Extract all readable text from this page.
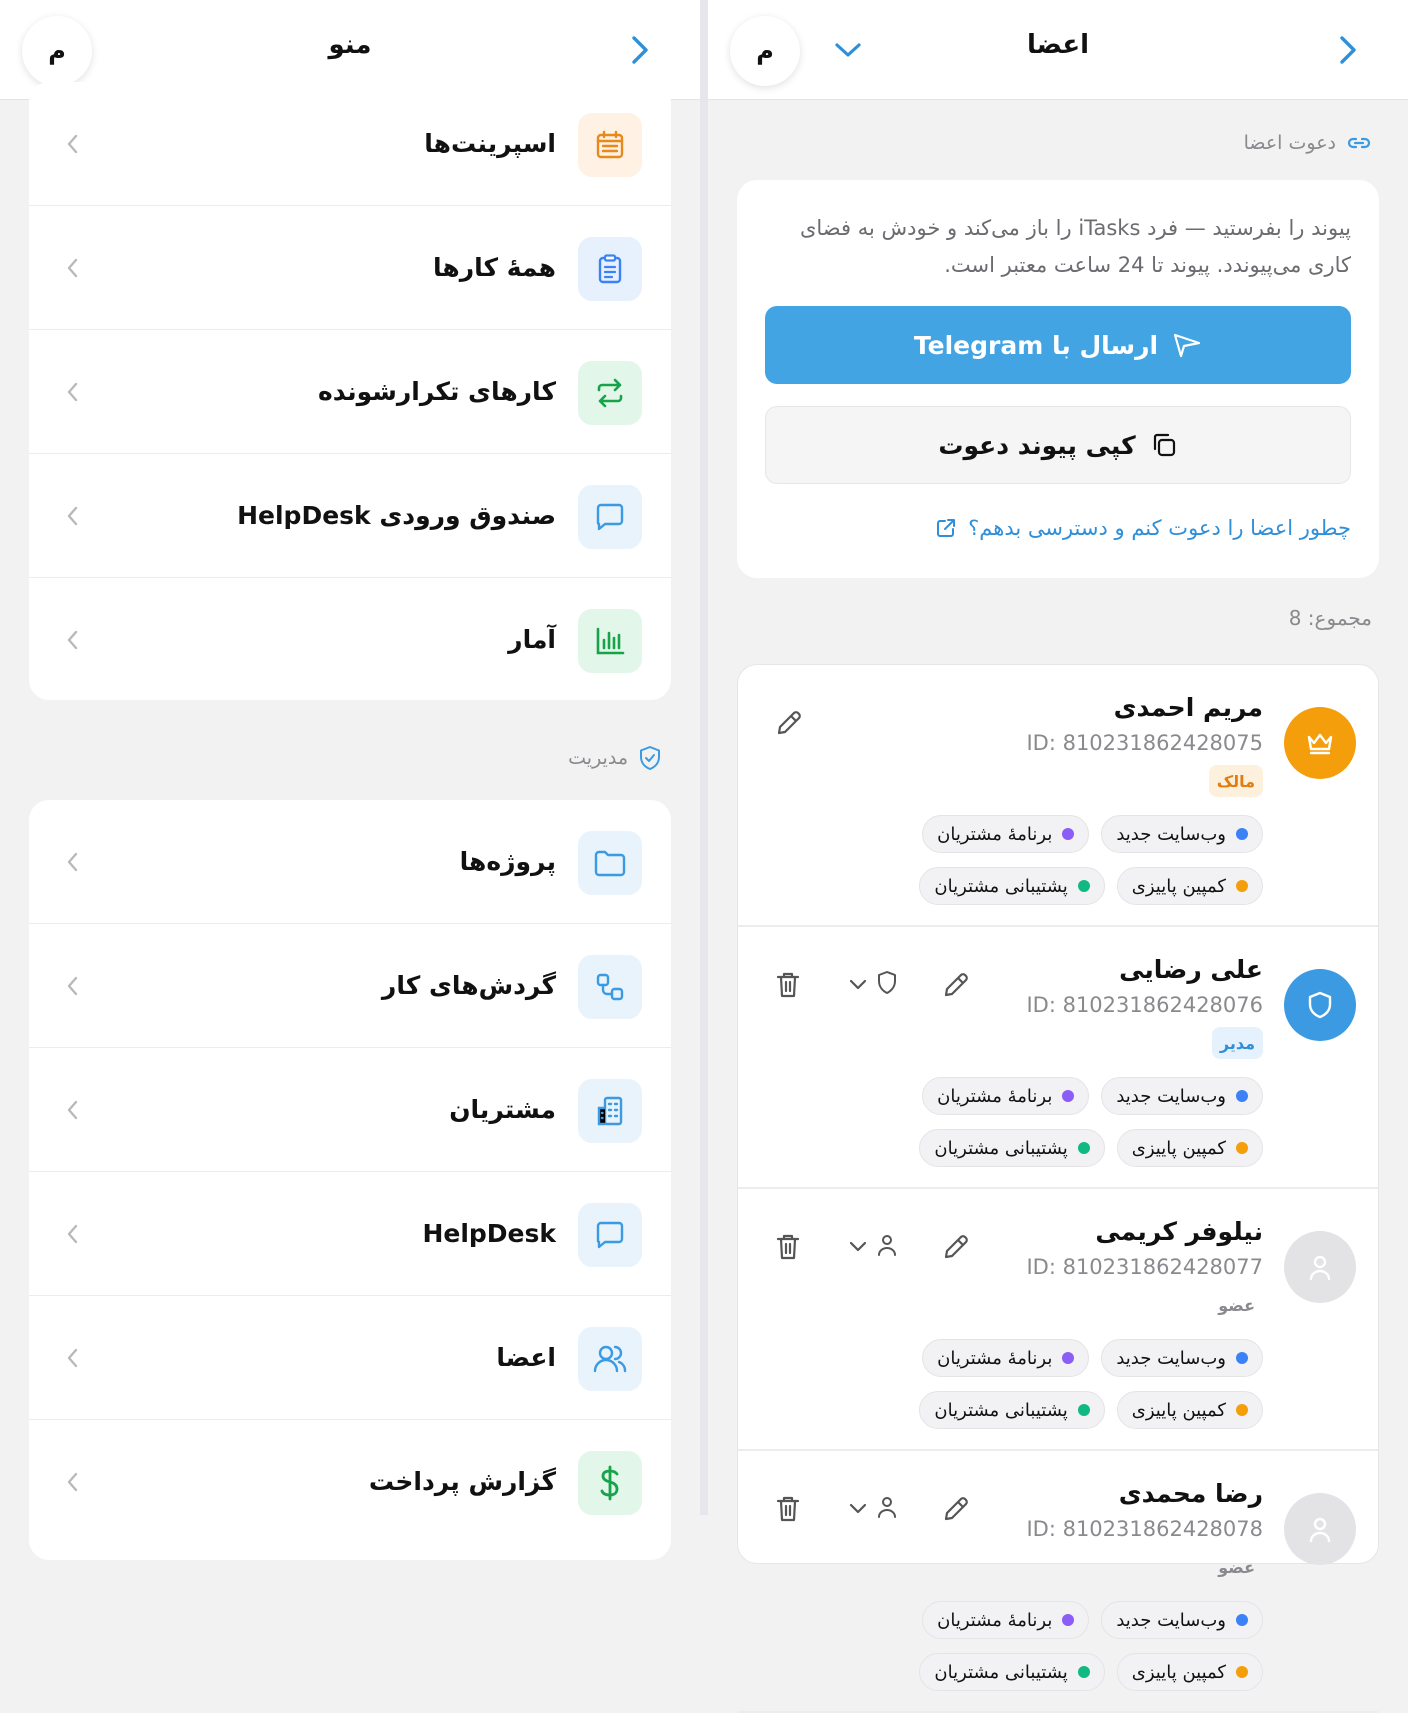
م	منو
اسپرینت‌ها
همهٔ کارها
کارهای تکرارشونده
صندوق ورودی HelpDesk
آمار
مدیریت
پروژه‌ها
گردش‌های کار
مشتریان
HelpDesk
اعضا
گزارش پرداخت
م	اعضا
دعوت اعضا
پیوند را بفرستید — فرد iTasks را باز می‌کند و خودش به فضای کاری می‌پیوندد. پیوند تا 24 ساعت معتبر است.
ارسال با Telegram
کپی پیوند دعوت
چطور اعضا را دعوت کنم و دسترسی بدهم؟
مجموع: 8
مریم احمدی
ID: 810231862428075
مالک
وب‌سایت جدید
برنامهٔ مشتریان
کمپین پاییزی
پشتیبانی مشتریان
علی رضایی
ID: 810231862428076
مدیر
وب‌سایت جدید
برنامهٔ مشتریان
کمپین پاییزی
پشتیبانی مشتریان
نیلوفر کریمی
ID: 810231862428077
عضو
وب‌سایت جدید
برنامهٔ مشتریان
کمپین پاییزی
پشتیبانی مشتریان
رضا محمدی
ID: 810231862428078
عضو
وب‌سایت جدید
برنامهٔ مشتریان
کمپین پاییزی
پشتیبانی مشتریان
